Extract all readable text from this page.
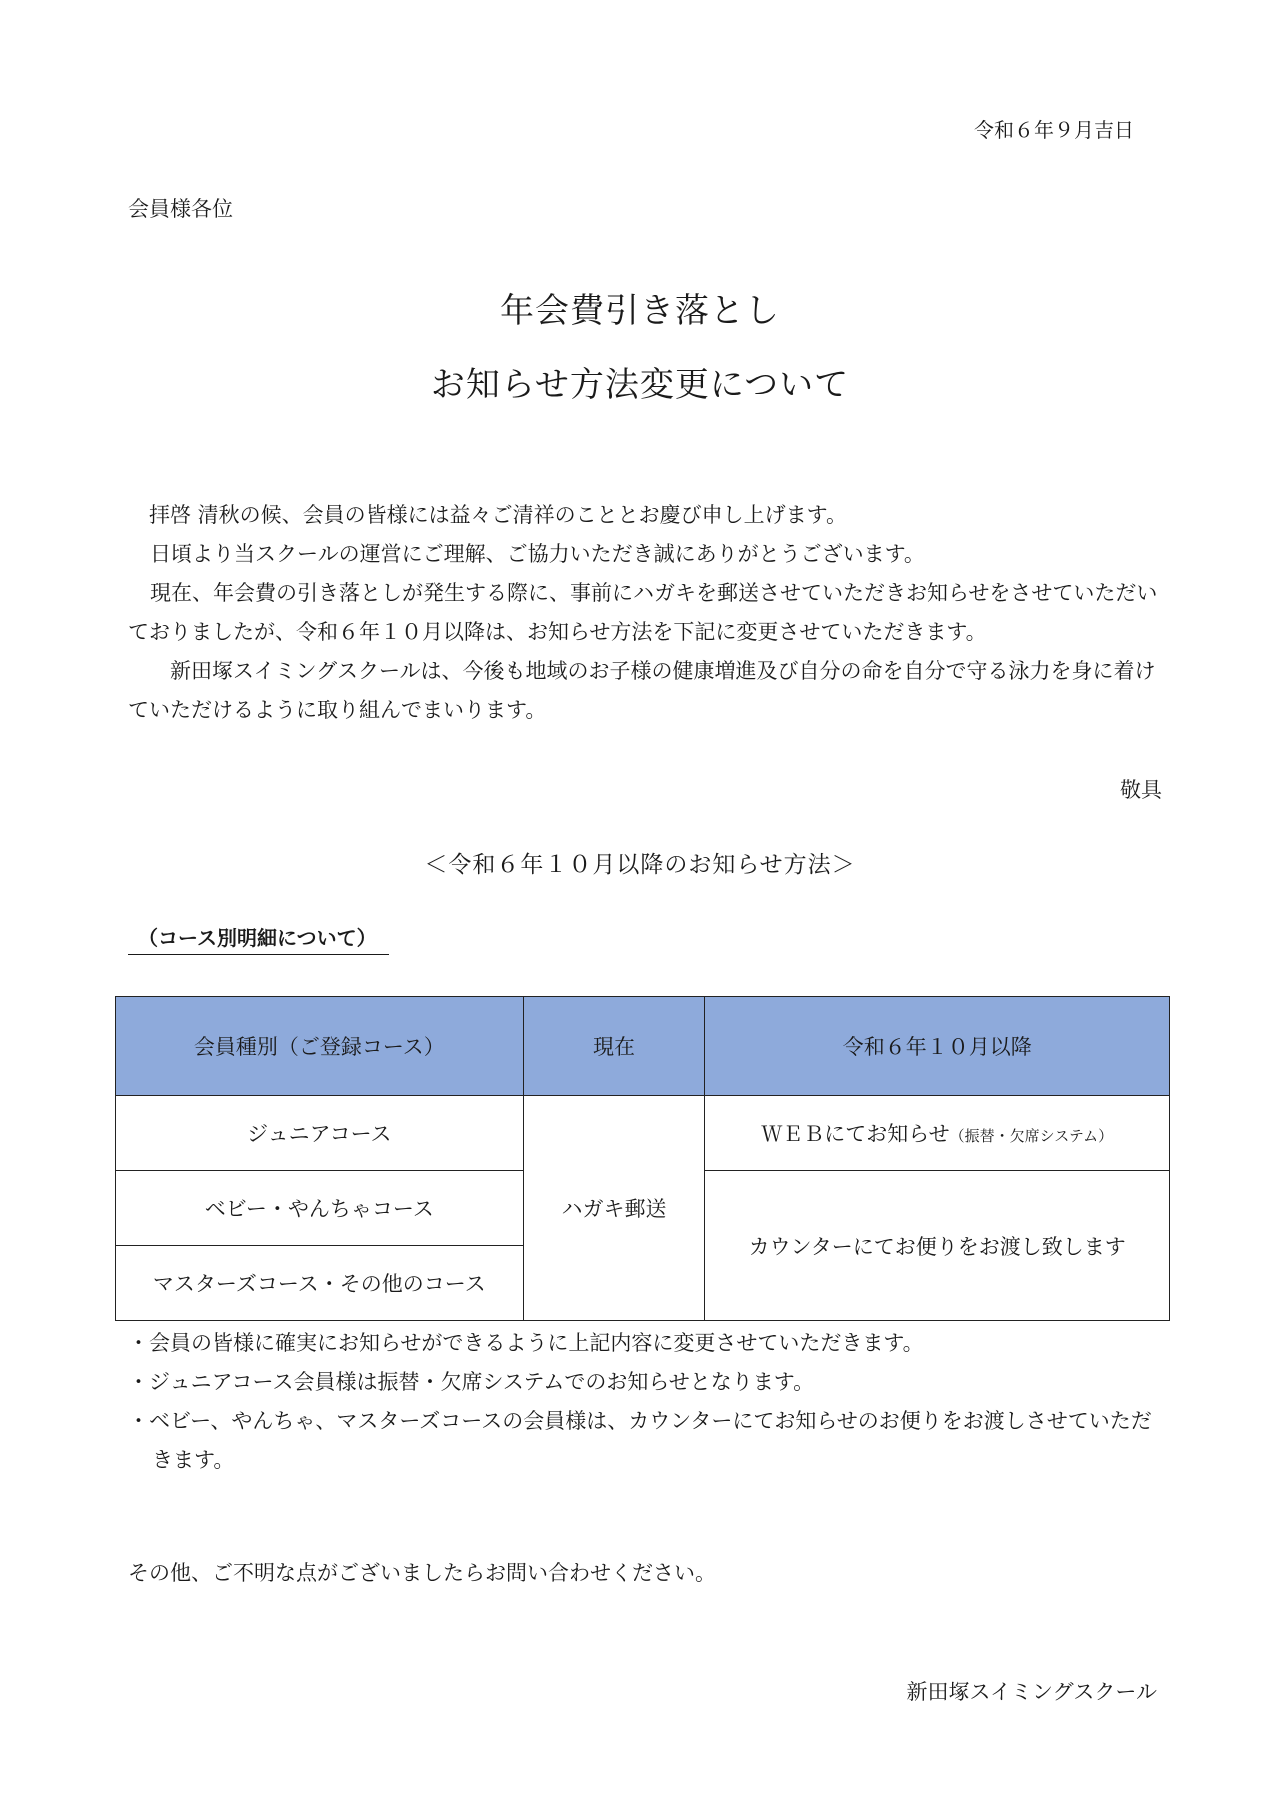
令和６年９月吉日
会員様各位
年会費引き落とし
お知らせ方法変更について

拝啓 清秋の候、会員の皆様には益々ご清祥のこととお慶び申し上げます。

日頃より当スクールの運営にご理解、ご協力いただき誠にありがとうございます。

現在、年会費の引き落としが発生する際に、事前にハガキを郵送させていただきお知らせをさせていただいておりましたが、令和６年１０月以降は、お知らせ方法を下記に変更させていただきます。

新田塚スイミングスクールは、今後も地域のお子様の健康増進及び自分の命を自分で守る泳力を身に着けていただけるように取り組んでまいります。

敬具
＜令和６年１０月以降のお知らせ方法＞
（コース別明細について）
会員種別（ご登録コース）	現在	令和６年１０月以降
ジュニアコース	ハガキ郵送	ＷＥＢにてお知らせ（振替・欠席システム）
ベビー・やんちゃコース		カウンターにてお便りをお渡し致します
マスターズコース・その他のコース		

・会員の皆様に確実にお知らせができるように上記内容に変更させていただきます。

・ジュニアコース会員様は振替・欠席システムでのお知らせとなります。

・ベビー、やんちゃ、マスターズコースの会員様は、カウンターにてお知らせのお便りをお渡しさせていただきます。

その他、ご不明な点がございましたらお問い合わせください。
新田塚スイミングスクール
